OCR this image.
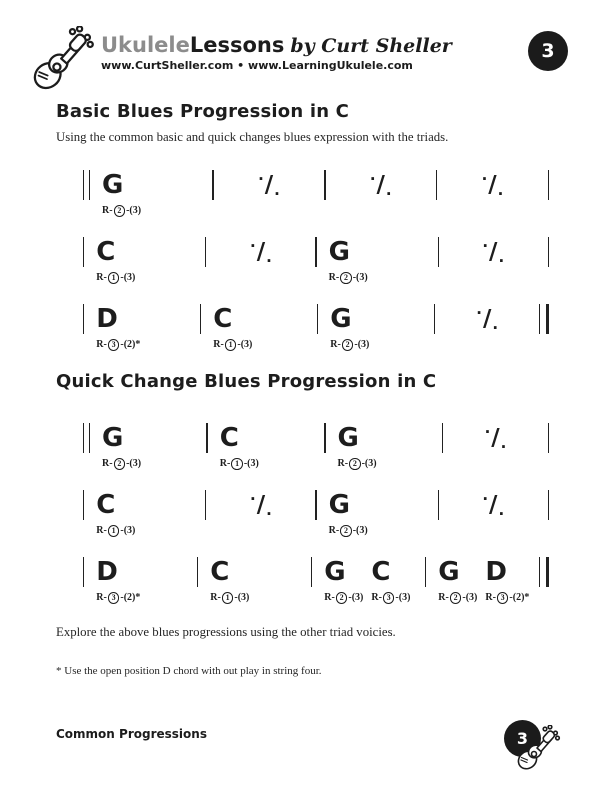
UkuleleLessons by Curt Sheller
www.CurtSheller.com • www.LearningUkulele.com
3
Basic Blues Progression in C

Using the common basic and quick changes blues expression with the triads.

G
R- 2 -(3)
· / .
· / .
· / .
C
R- 1 -(3)
· / . G
R- 2 -(3)
· / .
D
R- 3 -(2)*
C
R- 1 -(3)
G
R- 2 -(3)
· / .
Quick Change Blues Progression in C
G
R- 2 -(3)
C
R- 1 -(3)
G
R- 2 -(3)
· / .
C
R- 1 -(3)
· / . G
R- 2 -(3)
· / .
D
R- 3 -(2)*
C
R- 1 -(3)
G
R- 2 -(3)
C
R- 3 -(3)
G
R- 2 -(3)
D
R- 3 -(2)*

Explore the above blues progressions using the other triad voicies.

* Use the open position D chord with out play in string four.

Common Progressions	3
